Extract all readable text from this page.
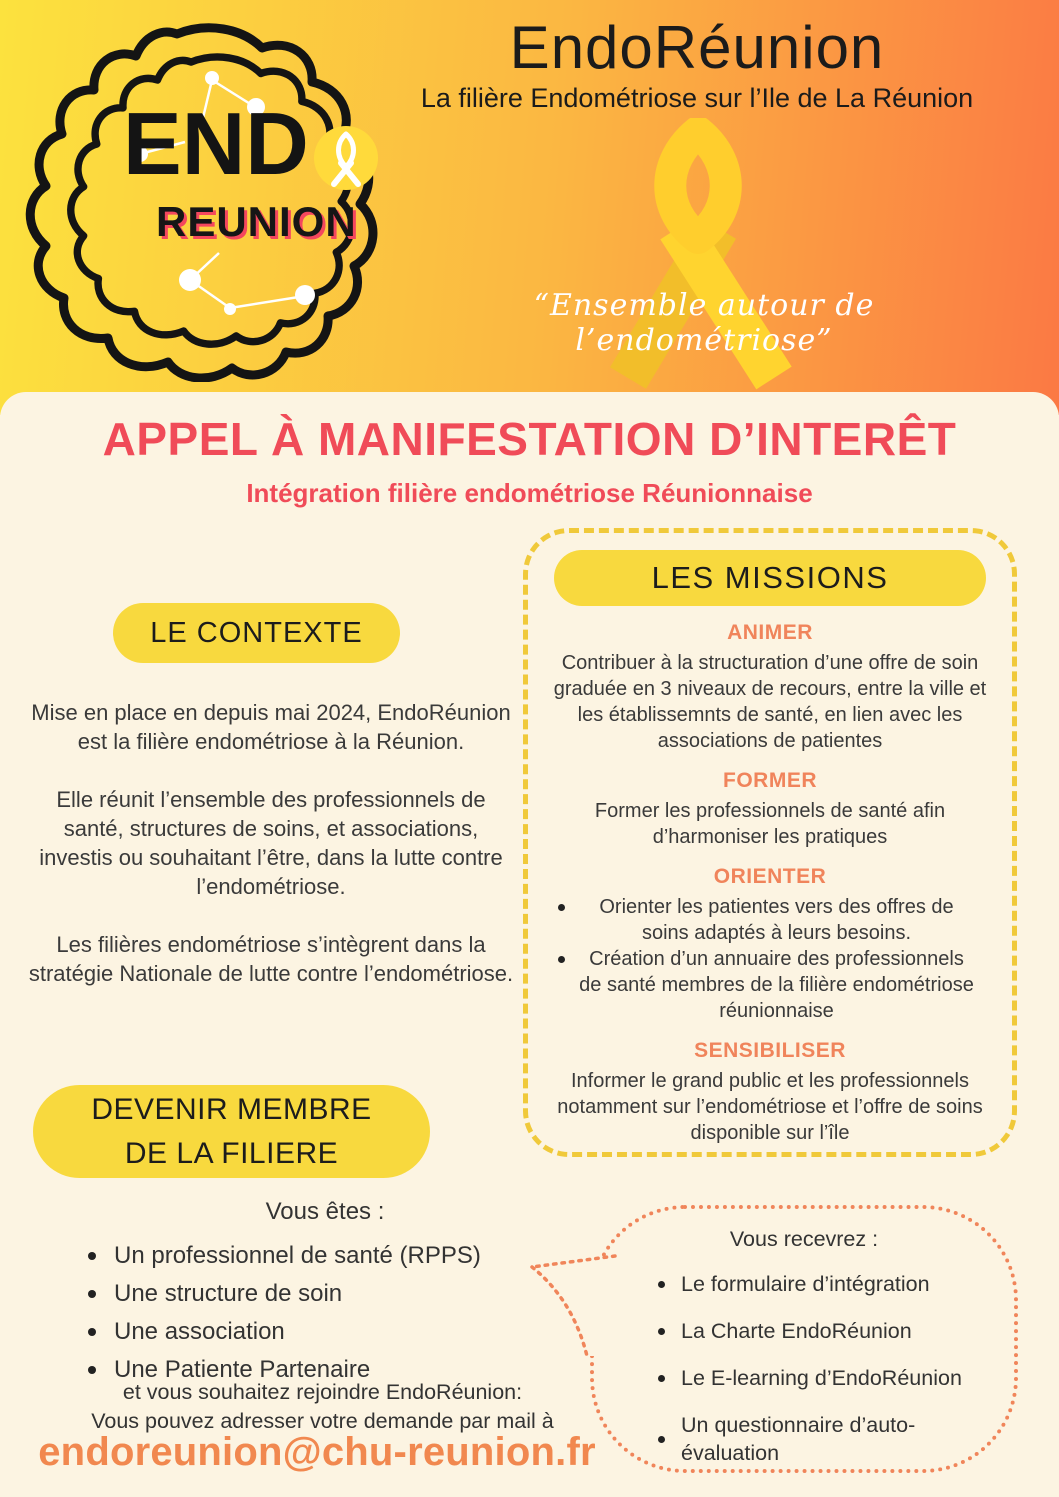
END
REUNION
EndoRéunion

La filière Endométriose sur l’Ile de La Réunion

“Ensemble autour de l’endométriose”

APPEL À MANIFESTATION D’INTERÊT
Intégration filière endométriose Réunionnaise
LE CONTEXTE

Mise en place en depuis mai 2024, EndoRéunion est la filière endométriose à la Réunion.

Elle réunit l’ensemble des professionnels de santé, structures de soins, et associations, investis ou souhaitant l’être, dans la lutte contre l’endométriose.

Les filières endométriose s’intègrent dans la stratégie Nationale de lutte contre l’endométriose.

LES MISSIONS
ANIMER

Contribuer à la structuration d’une offre de soin graduée en 3 niveaux de recours, entre la ville et les établissemnts de santé, en lien avec les associations de patientes

FORMER

Former les professionnels de santé afin d’harmoniser les pratiques

ORIENTER
Orienter les patientes vers des offres de soins adaptés à leurs besoins.
Création d’un annuaire des professionnels de santé membres de la filière endométriose réunionnaise
SENSIBILISER

Informer le grand public et les professionnels notamment sur l’endométriose et l’offre de soins disponible sur l’île

DEVENIR MEMBRE
DE LA FILIERE

Vous êtes :

Un professionnel de santé (RPPS)
Une structure de soin
Une association
Une Patiente Partenaire

et vous souhaitez rejoindre EndoRéunion:
Vous pouvez adresser votre demande par mail à

endoreunion@chu-reunion.fr

Vous recevrez :

Le formulaire d’intégration
La Charte EndoRéunion
Le E-learning d’EndoRéunion
Un questionnaire d’auto-évaluation
